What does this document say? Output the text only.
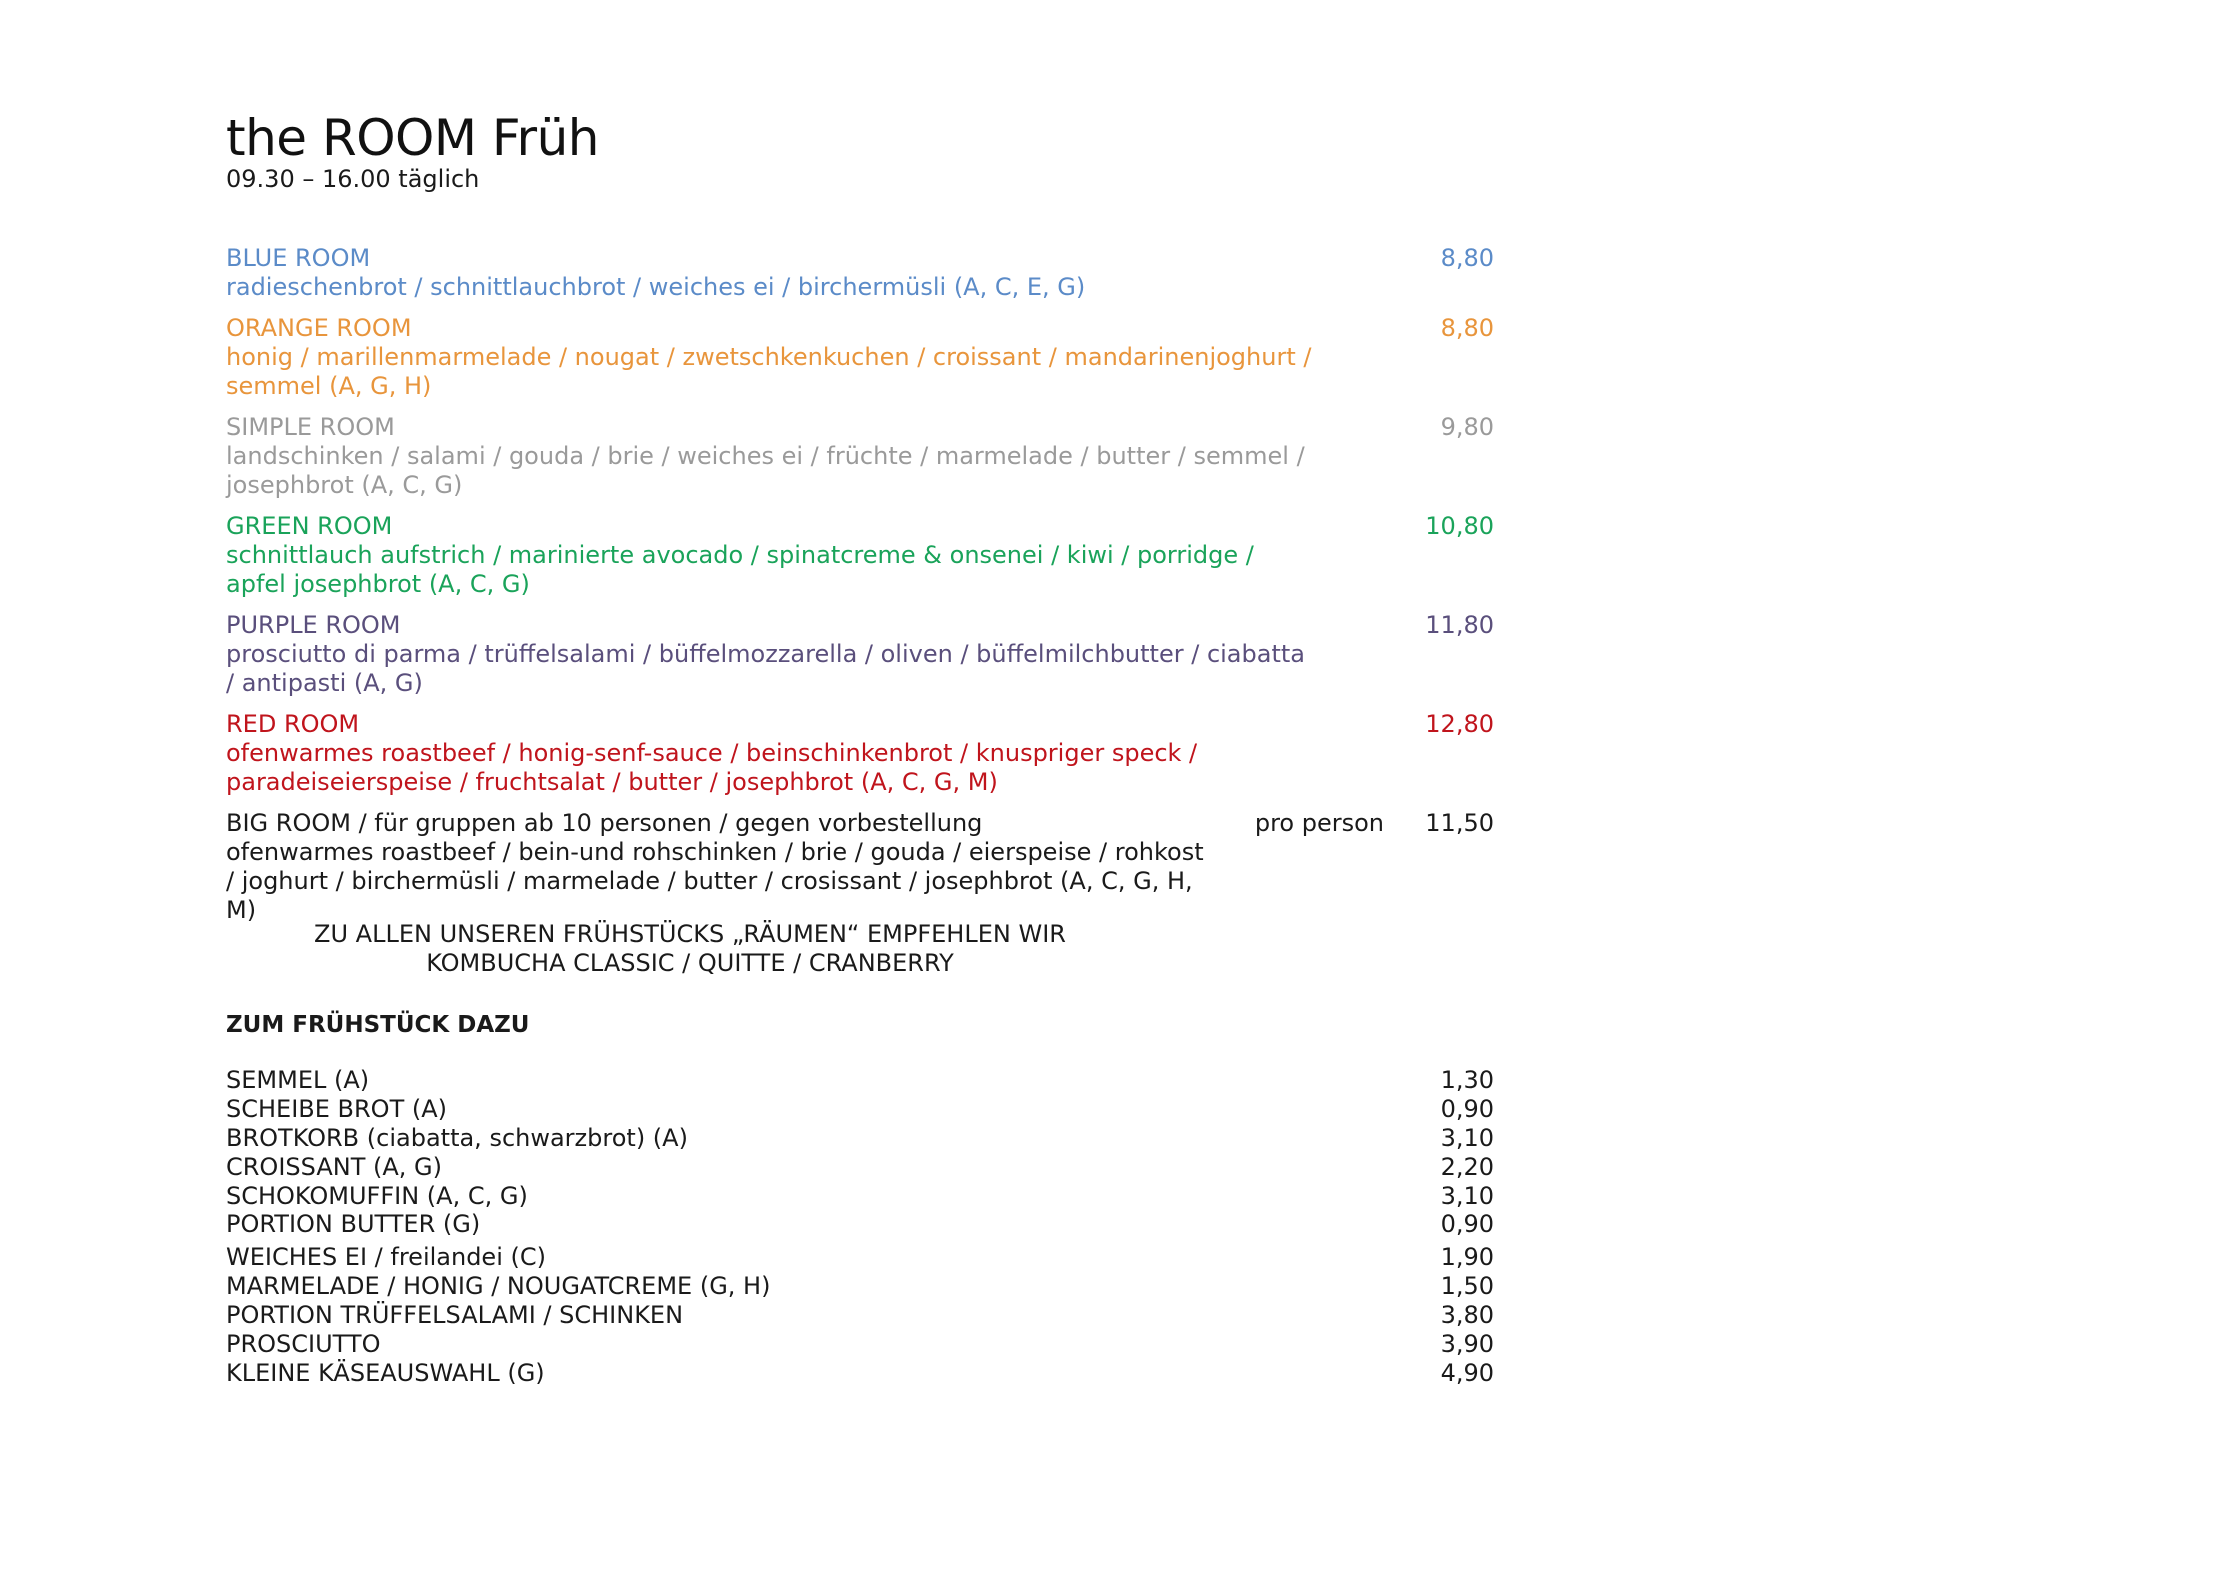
the ROOM Früh
09.30 – 16.00 täglich
BLUE ROOM
radieschenbrot / schnittlauchbrot / weiches ei / birchermüsli (A, C, E, G)
8,80
ORANGE ROOM
honig / marillenmarmelade / nougat / zwetschkenkuchen / croissant / mandarinenjoghurt / semmel (A, G, H)
8,80
SIMPLE ROOM
landschinken / salami / gouda / brie / weiches ei / früchte / marmelade / butter / semmel / josephbrot (A, C, G)
9,80
GREEN ROOM
schnittlauch aufstrich / marinierte avocado / spinatcreme & onsenei / kiwi / porridge / apfel josephbrot (A, C, G)
10,80
PURPLE ROOM
prosciutto di parma / trüffelsalami / büffelmozzarella / oliven / büffelmilchbutter / ciabatta / antipasti (A, G)
11,80
RED ROOM
ofenwarmes roastbeef / honig-senf-sauce / beinschinkenbrot / knuspriger speck / paradeiseierspeise / fruchtsalat / butter / josephbrot (A, C, G, M)
12,80
BIG ROOM / für gruppen ab 10 personen / gegen vorbestellung
ofenwarmes roastbeef / bein-und rohschinken / brie / gouda / eierspeise / rohkost / joghurt / birchermüsli / marmelade / butter / crosissant / josephbrot (A, C, G, H, M)
pro person 11,50
ZU ALLEN UNSEREN FRÜHSTÜCKS „RÄUMEN“ EMPFEHLEN WIR
KOMBUCHA CLASSIC / QUITTE / CRANBERRY
ZUM FRÜHSTÜCK DAZU
SEMMEL (A)	1,30
SCHEIBE BROT (A)	0,90
BROTKORB (ciabatta, schwarzbrot) (A)	3,10
CROISSANT (A, G)	2,20
SCHOKOMUFFIN (A, C, G)	3,10
PORTION BUTTER (G)	0,90
WEICHES EI / freilandei (C)	1,90
MARMELADE / HONIG / NOUGATCREME (G, H)	1,50
PORTION TRÜFFELSALAMI / SCHINKEN	3,80
PROSCIUTTO	3,90
KLEINE KÄSEAUSWAHL (G)	4,90
